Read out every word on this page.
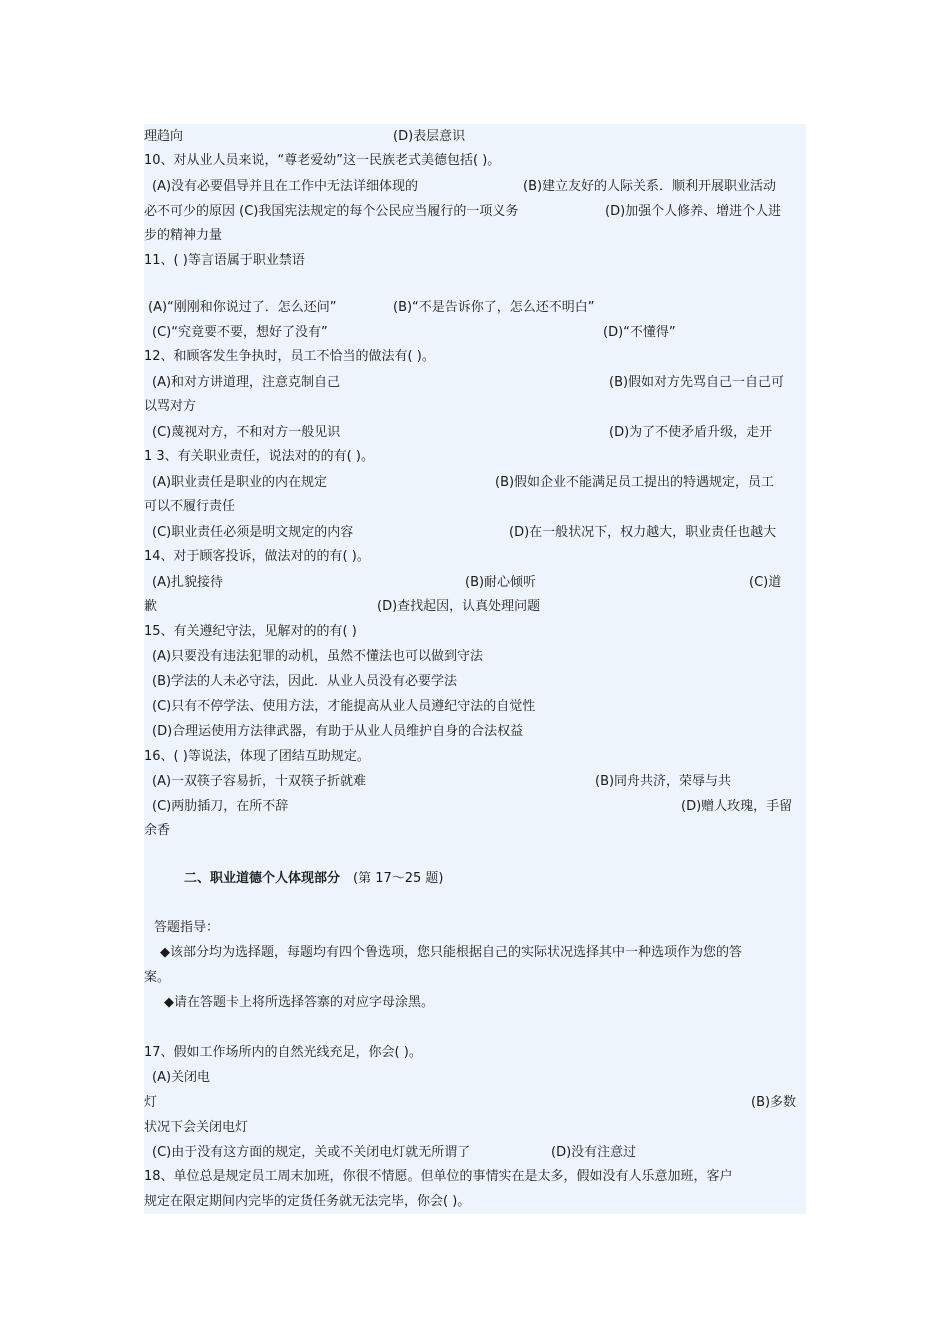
理趋向	(D)表层意识
10、对从业人员来说，“尊老爱幼”这一民族老式美德包括( )。
(A)没有必要倡导并且在工作中无法详细体现的	(B)建立友好的人际关系．顺利开展职业活动
必不可少的原因 (C)我国宪法规定的每个公民应当履行的一项义务	(D)加强个人修养、增进个人进
步的精神力量
11、( )等言语属于职业禁语
(A)“刚刚和你说过了．怎么还问”	(B)“不是告诉你了，怎么还不明白”
(C)“究竟要不要，想好了没有”	(D)“不懂得”
12、和顾客发生争执时，员工不恰当的做法有( )。
(A)和对方讲道理，注意克制自己	(B)假如对方先骂自己一自己可
以骂对方
(C)蔑视对方，不和对方一般见识	(D)为了不使矛盾升级，走开
1 3、有关职业责任，说法对的的有( )。
(A)职业责任是职业的内在规定	(B)假如企业不能满足员工提出的特遇规定，员工
可以不履行责任
(C)职业责任必须是明文规定的内容	(D)在一般状况下，权力越大，职业责任也越大
14、对于顾客投诉，做法对的的有( )。
(A)扎貌接待	(B)耐心倾听	(C)道
歉	(D)查找起因，认真处理问题
15、有关遵纪守法，见解对的的有( )
(A)只要没有违法犯罪的动机，虽然不懂法也可以做到守法
(B)学法的人未必守法，因此．从业人员没有必要学法
(C)只有不停学法、使用方法，才能提高从业人员遵纪守法的自觉性
(D)合理运使用方法律武器，有助于从业人员维护自身的合法权益
16、( )等说法，体现了团结互助规定。
(A)一双筷子容易折，十双筷子折就难	(B)同舟共济，荣辱与共
(C)两肋插刀，在所不辞	(D)赠人玫瑰，手留
余香
二、职业道德个人体现部分 (第 17～25 题)
答题指导：
◆该部分均为选择题，每题均有四个鲁选项，您只能根据自己的实际状况选择其中一种选项作为您的答
案。
◆请在答题卡上将所选择答寨的对应字母涂黑。
17、假如工作场所内的自然光线充足，你会( )。
(A)关闭电
灯	(B)多数
状况下会关闭电灯
(C)由于没有这方面的规定，关或不关闭电灯就无所谓了	(D)没有注意过
18、单位总是规定员工周末加班，你很不情愿。但单位的事情实在是太多，假如没有人乐意加班，客户
规定在限定期间内完毕的定货任务就无法完毕，你会( )。
